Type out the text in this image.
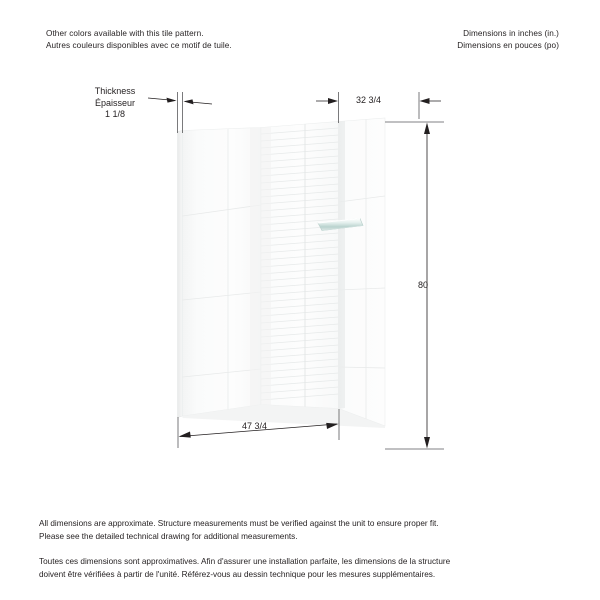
Other colors available with this tile pattern.
Autres couleurs disponibles avec ce motif de tuile.
Dimensions in inches (in.)
Dimensions en pouces (po)
Thickness
Épaisseur
1 1/8
32 3/4
47 3/4
80

All dimensions are approximate. Structure measurements must be verified against the unit to ensure proper fit.

Please see the detailed technical drawing for additional measurements.

Toutes ces dimensions sont approximatives. Afin d'assurer une installation parfaite, les dimensions de la structure

doivent être vérifiées à partir de l'unité. Référez-vous au dessin technique pour les mesures supplémentaires.
